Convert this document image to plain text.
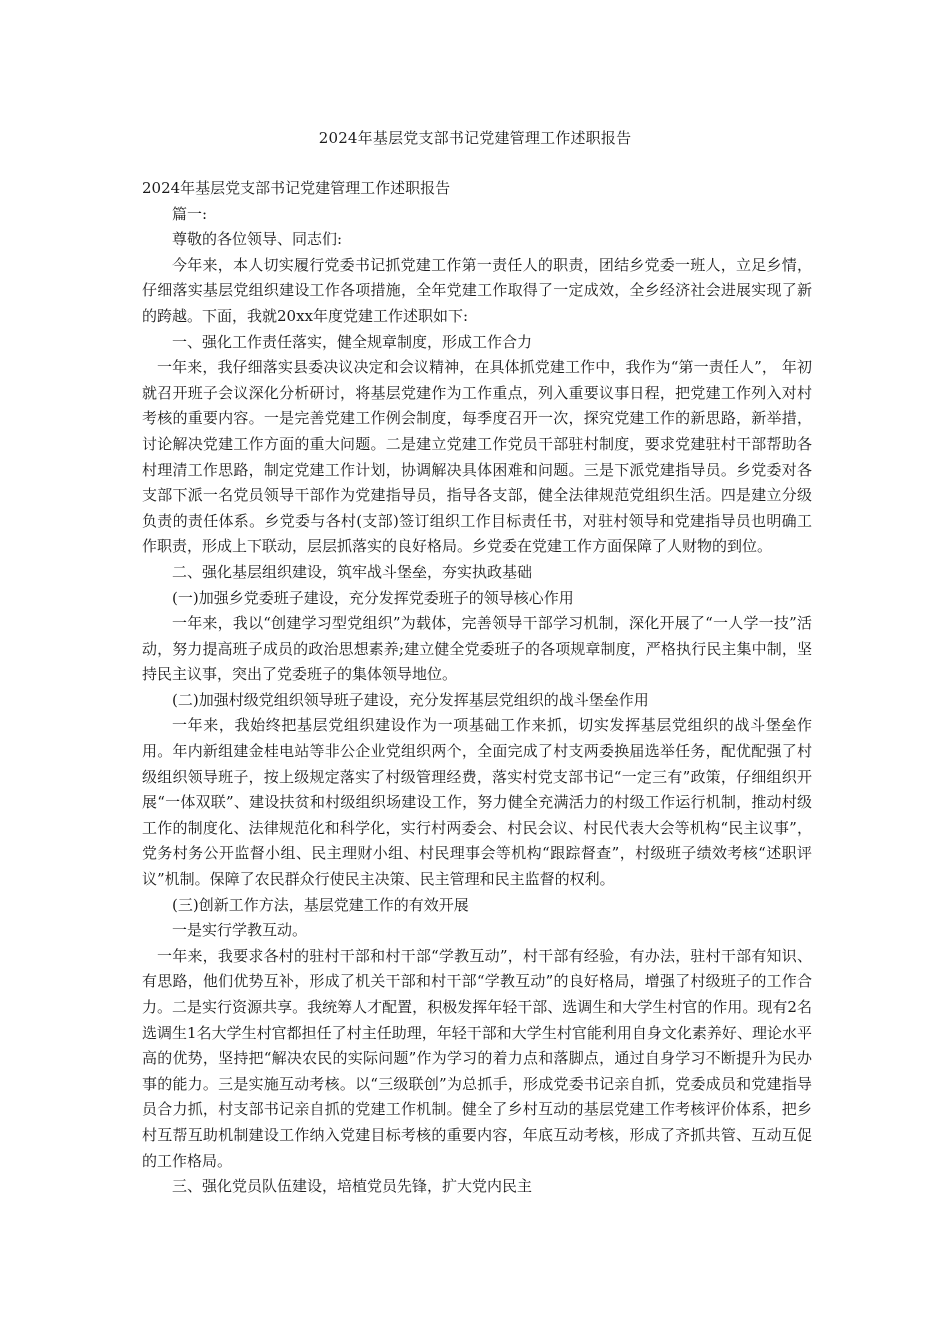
2024年基层党支部书记党建管理工作述职报告

2024年基层党支部书记党建管理工作述职报告

篇一:

尊敬的各位领导、同志们:

今年来，本人切实履行党委书记抓党建工作第一责任人的职责，团结乡党委一班人，立足乡情，仔细落实基层党组织建设工作各项措施，全年党建工作取得了一定成效，全乡经济社会进展实现了新的跨越。下面，我就20xx年度党建工作述职如下:

一、强化工作责任落实，健全规章制度，形成工作合力

一年来，我仔细落实县委决议决定和会议精神，在具体抓党建工作中，我作为“第一责任人”， 年初就召开班子会议深化分析研讨，将基层党建作为工作重点，列入重要议事日程，把党建工作列入对村考核的重要内容。一是完善党建工作例会制度，每季度召开一次，探究党建工作的新思路，新举措，讨论解决党建工作方面的重大问题。二是建立党建工作党员干部驻村制度，要求党建驻村干部帮助各村理清工作思路，制定党建工作计划，协调解决具体困难和问题。三是下派党建指导员。乡党委对各支部下派一名党员领导干部作为党建指导员，指导各支部，健全法律规范党组织生活。四是建立分级负责的责任体系。乡党委与各村(支部)签订组织工作目标责任书，对驻村领导和党建指导员也明确工作职责，形成上下联动，层层抓落实的良好格局。乡党委在党建工作方面保障了人财物的到位。

二、强化基层组织建设，筑牢战斗堡垒，夯实执政基础

(一)加强乡党委班子建设，充分发挥党委班子的领导核心作用

一年来，我以“创建学习型党组织”为载体，完善领导干部学习机制，深化开展了“一人学一技”活动，努力提高班子成员的政治思想素养;建立健全党委班子的各项规章制度，严格执行民主集中制，坚持民主议事，突出了党委班子的集体领导地位。

(二)加强村级党组织领导班子建设，充分发挥基层党组织的战斗堡垒作用

一年来，我始终把基层党组织建设作为一项基础工作来抓，切实发挥基层党组织的战斗堡垒作用。年内新组建金桂电站等非公企业党组织两个，全面完成了村支两委换届选举任务，配优配强了村级组织领导班子，按上级规定落实了村级管理经费，落实村党支部书记“一定三有”政策，仔细组织开展“一体双联”、建设扶贫和村级组织场建设工作，努力健全充满活力的村级工作运行机制，推动村级工作的制度化、法律规范化和科学化，实行村两委会、村民会议、村民代表大会等机构“民主议事”，党务村务公开监督小组、民主理财小组、村民理事会等机构“跟踪督查”，村级班子绩效考核“述职评议”机制。保障了农民群众行使民主决策、民主管理和民主监督的权利。

(三)创新工作方法，基层党建工作的有效开展

一是实行学教互动。

一年来，我要求各村的驻村干部和村干部“学教互动”，村干部有经验，有办法，驻村干部有知识、有思路，他们优势互补，形成了机关干部和村干部“学教互动”的良好格局，增强了村级班子的工作合力。二是实行资源共享。我统筹人才配置，积极发挥年轻干部、选调生和大学生村官的作用。现有2名选调生1名大学生村官都担任了村主任助理，年轻干部和大学生村官能利用自身文化素养好、理论水平高的优势，坚持把“解决农民的实际问题”作为学习的着力点和落脚点，通过自身学习不断提升为民办事的能力。三是实施互动考核。以“三级联创”为总抓手，形成党委书记亲自抓，党委成员和党建指导员合力抓，村支部书记亲自抓的党建工作机制。健全了乡村互动的基层党建工作考核评价体系，把乡村互帮互助机制建设工作纳入党建目标考核的重要内容，年底互动考核，形成了齐抓共管、互动互促的工作格局。

三、强化党员队伍建设，培植党员先锋，扩大党内民主
